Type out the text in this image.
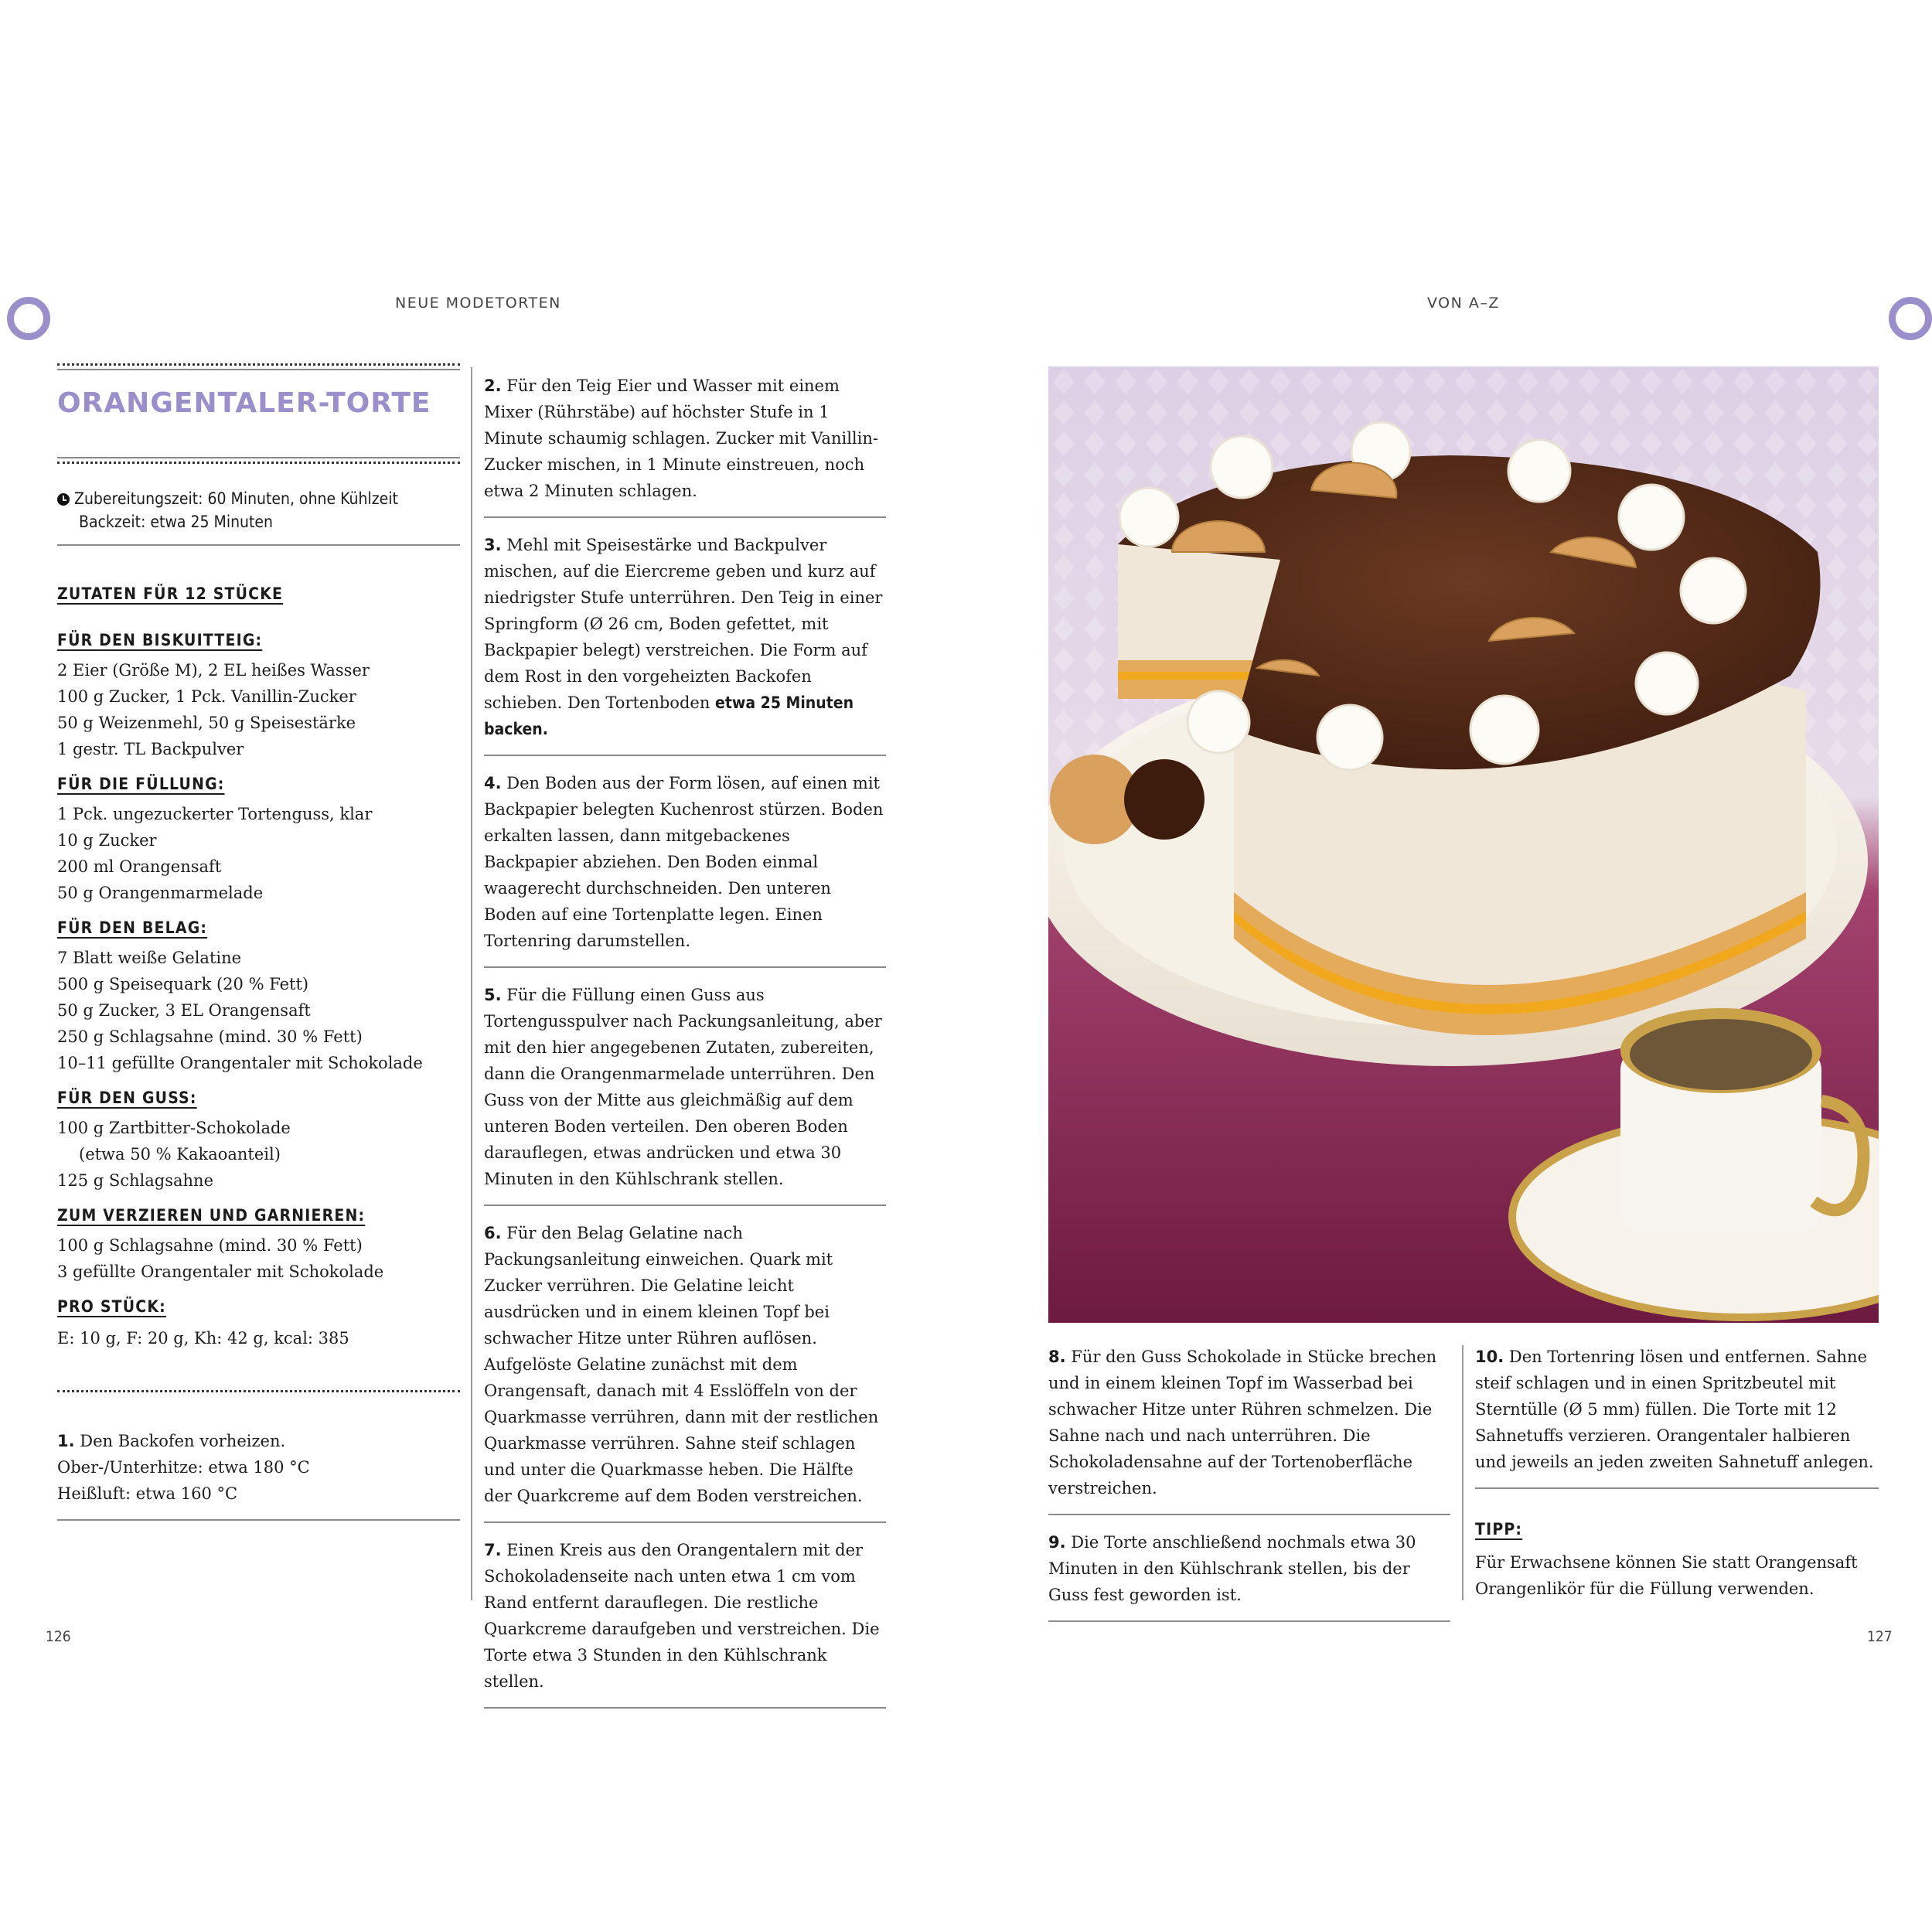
NEUE MODETORTEN	VON A–Z
ORANGENTALER-TORTE
Zubereitungszeit: 60 Minuten, ohne Kühlzeit
Backzeit: etwa 25 Minuten
ZUTATEN FÜR 12 STÜCKE
FÜR DEN BISKUITTEIG:
2 Eier (Größe M), 2 EL heißes Wasser
100 g Zucker, 1 Pck. Vanillin-Zucker
50 g Weizenmehl, 50 g Speisestärke
1 gestr. TL Backpulver
FÜR DIE FÜLLUNG:
1 Pck. ungezuckerter Tortenguss, klar
10 g Zucker
200 ml Orangensaft
50 g Orangenmarmelade
FÜR DEN BELAG:
7 Blatt weiße Gelatine
500 g Speisequark (20 % Fett)
50 g Zucker, 3 EL Orangensaft
250 g Schlagsahne (mind. 30 % Fett)
10–11 gefüllte Orangentaler mit Schokolade
FÜR DEN GUSS:
100 g Zartbitter-Schokolade
(etwa 50 % Kakaoanteil)
125 g Schlagsahne
ZUM VERZIEREN UND GARNIEREN:
100 g Schlagsahne (mind. 30 % Fett)
3 gefüllte Orangentaler mit Schokolade
PRO STÜCK:
E: 10 g, F: 20 g, Kh: 42 g, kcal: 385
1. Den Backofen vorheizen.
Ober-/Unterhitze: etwa 180 °C
Heißluft: etwa 160 °C
2. Für den Teig Eier und Wasser mit einem Mixer (Rührstäbe) auf höchster Stufe in 1 Minute schaumig schlagen. Zucker mit Vanillin-Zucker mischen, in 1 Minute einstreuen, noch etwa 2 Minuten schlagen.
3. Mehl mit Speisestärke und Backpulver mischen, auf die Eiercreme geben und kurz auf niedrigster Stufe unterrühren. Den Teig in einer Springform (Ø 26 cm, Boden gefettet, mit Backpapier belegt) verstreichen. Die Form auf dem Rost in den vorgeheizten Backofen schieben. Den Tortenboden etwa 25 Minuten backen.
4. Den Boden aus der Form lösen, auf einen mit Backpapier belegten Kuchenrost stürzen. Boden erkalten lassen, dann mitgebackenes Backpapier abziehen. Den Boden einmal waagerecht durchschneiden. Den unteren Boden auf eine Tortenplatte legen. Einen Tortenring darumstellen.
5. Für die Füllung einen Guss aus Tortengusspulver nach Packungsanleitung, aber mit den hier angegebenen Zutaten, zubereiten, dann die Orangenmarmelade unterrühren. Den Guss von der Mitte aus gleichmäßig auf dem unteren Boden verteilen. Den oberen Boden darauflegen, etwas andrücken und etwa 30 Minuten in den Kühlschrank stellen.
6. Für den Belag Gelatine nach Packungsanleitung einweichen. Quark mit Zucker verrühren. Die Gelatine leicht ausdrücken und in einem kleinen Topf bei schwacher Hitze unter Rühren auflösen. Aufgelöste Gelatine zunächst mit dem Orangensaft, danach mit 4 Esslöffeln von der Quarkmasse verrühren, dann mit der restlichen Quarkmasse verrühren. Sahne steif schlagen und unter die Quarkmasse heben. Die Hälfte der Quarkcreme auf dem Boden verstreichen.
7. Einen Kreis aus den Orangentalern mit der Schokoladenseite nach unten etwa 1 cm vom Rand entfernt darauflegen. Die restliche Quarkcreme daraufgeben und verstreichen. Die Torte etwa 3 Stunden in den Kühlschrank stellen.
8. Für den Guss Schokolade in Stücke brechen und in einem kleinen Topf im Wasserbad bei schwacher Hitze unter Rühren schmelzen. Die Sahne nach und nach unterrühren. Die Schokoladensahne auf der Tortenoberfläche verstreichen.
9. Die Torte anschließend nochmals etwa 30 Minuten in den Kühlschrank stellen, bis der Guss fest geworden ist.
10. Den Tortenring lösen und entfernen. Sahne steif schlagen und in einen Spritzbeutel mit Sterntülle (Ø 5 mm) füllen. Die Torte mit 12 Sahnetuffs verzieren. Orangentaler halbieren und jeweils an jeden zweiten Sahnetuff anlegen.
TIPP:
Für Erwachsene können Sie statt Orangensaft Orangenlikör für die Füllung verwenden.
126	127
